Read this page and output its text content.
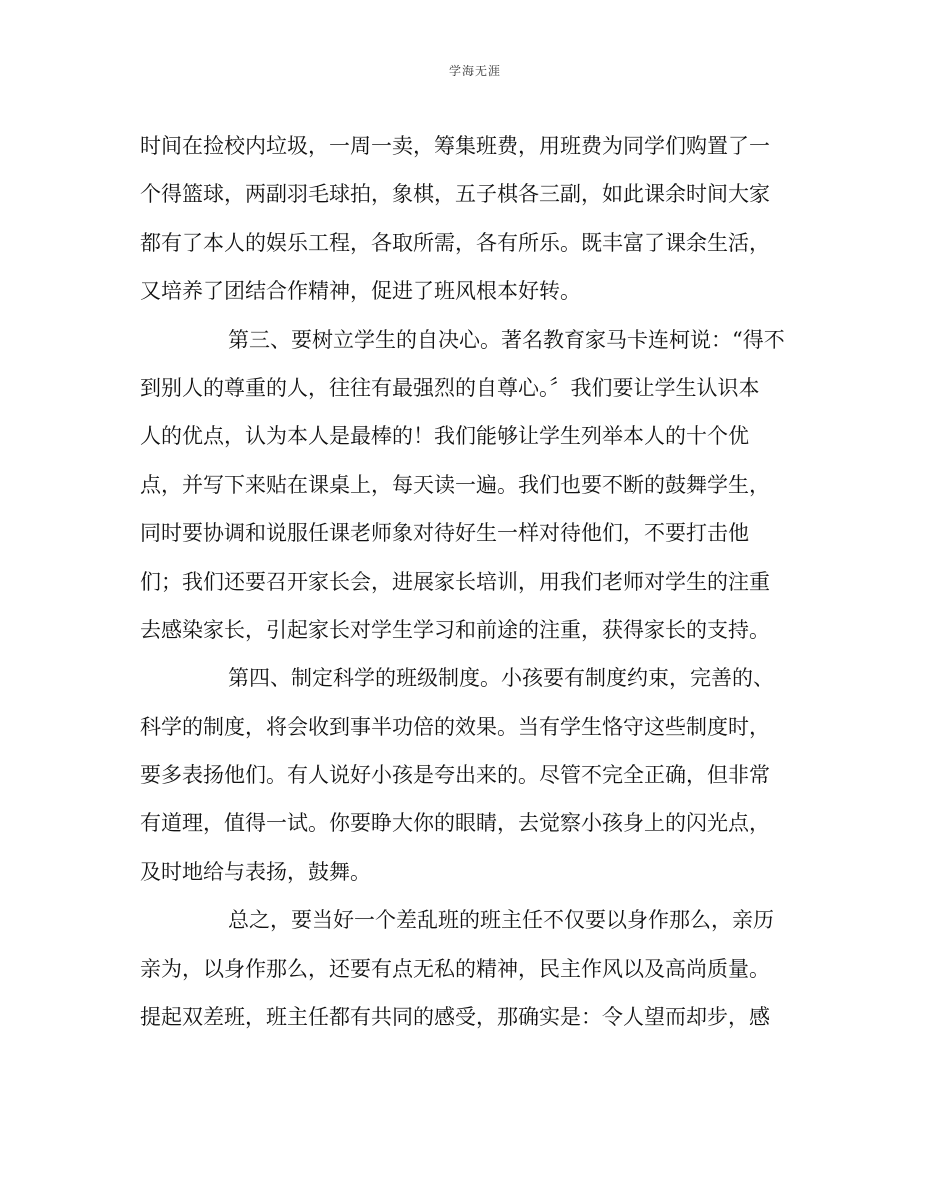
学海无涯
时间在捡校内垃圾，一周一卖，筹集班费，用班费为同学们购置了一
个得篮球，两副羽毛球拍，象棋，五子棋各三副，如此课余时间大家
都有了本人的娱乐工程，各取所需，各有所乐。既丰富了课余生活，
又培养了团结合作精神，促进了班风根本好转。
第三、要树立学生的自决心。著名教育家马卡连柯说：“得不
到别人的尊重的人，往往有最强烈的自尊心。〞我们要让学生认识本
人的优点，认为本人是最棒的！我们能够让学生列举本人的十个优
点，并写下来贴在课桌上，每天读一遍。我们也要不断的鼓舞学生，
同时要协调和说服任课老师象对待好生一样对待他们，不要打击他
们；我们还要召开家长会，进展家长培训，用我们老师对学生的注重
去感染家长，引起家长对学生学习和前途的注重，获得家长的支持。
第四、制定科学的班级制度。小孩要有制度约束，完善的、
科学的制度，将会收到事半功倍的效果。当有学生恪守这些制度时，
要多表扬他们。有人说好小孩是夸出来的。尽管不完全正确，但非常
有道理，值得一试。你要睁大你的眼睛，去觉察小孩身上的闪光点，
及时地给与表扬，鼓舞。
总之，要当好一个差乱班的班主任不仅要以身作那么，亲历
亲为，以身作那么，还要有点无私的精神，民主作风以及高尚质量。
提起双差班，班主任都有共同的感受，那确实是：令人望而却步，感
